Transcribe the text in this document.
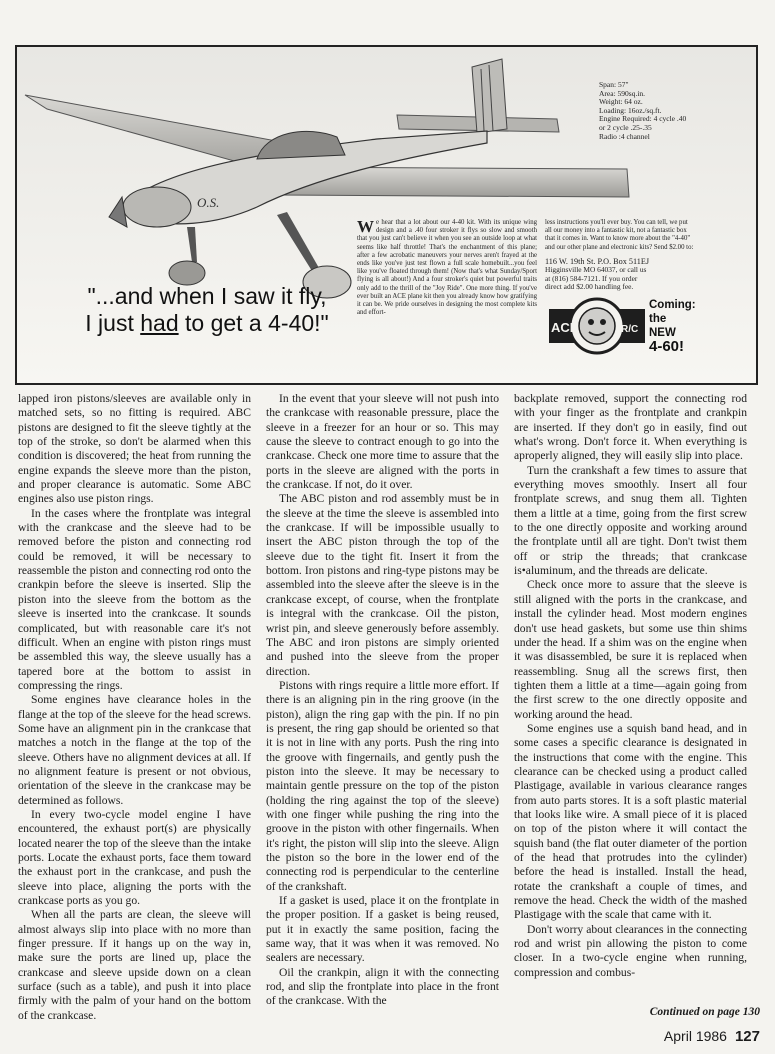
O.S.
Span: 57"
Area: 590sq.in.
Weight: 64 oz.
Loading: 16oz./sq.ft.
Engine Required: 4 cycle .40
or 2 cycle .25-.35
Radio :4 channel
We hear that a lot about our 4-40 kit. With its unique wing design and a .40 four stroker it flys so slow and smooth that you just can't believe it when you see an outside loop at what seems like half throttle! That's the enchantment of this plane; after a few acrobatic maneuvers your nerves aren't frayed at the ends like you've just test flown a full scale homebuilt...you feel like you've floated through them! (Now that's what Sunday/Sport flying is all about!) And a four stroker's quiet but powerful traits only add to the thrill of the "Joy Ride". One more thing. If you've ever built an ACE plane kit then you already know how gratifying it can be. We pride ourselves in designing the most complete kits and effort-
less instructions you'll ever buy. You can tell, we put all our money into a fantastic kit, not a fantastic box that it comes in. Want to know more about the "4-40" and our other plane and electronic kits? Send $2.00 to:
116 W. 19th St. P.O. Box 511EJ
Higginsville MO 64037, or call us
at (816) 584-7121. If you order
direct add $2.00 handling fee.
ACE	R/C
Coming:
the
NEW
4-60!
"...and when I saw it fly,
I just had to get a 4-40!"

lapped iron pistons/sleeves are available only in matched sets, so no fitting is required. ABC pistons are designed to fit the sleeve tightly at the top of the stroke, so don't be alarmed when this condition is discovered; the heat from running the engine expands the sleeve more than the piston, and proper clearance is automatic. Some ABC engines also use piston rings.

In the cases where the frontplate was integral with the crankcase and the sleeve had to be removed before the piston and connecting rod could be removed, it will be necessary to reassemble the piston and connecting rod onto the crankpin before the sleeve is inserted. Slip the piston into the sleeve from the bottom as the sleeve is inserted into the crankcase. It sounds complicated, but with reasonable care it's not difficult. When an engine with piston rings must be assembled this way, the sleeve usually has a tapered bore at the bottom to assist in compressing the rings.

Some engines have clearance holes in the flange at the top of the sleeve for the head screws. Some have an alignment pin in the crankcase that matches a notch in the flange at the top of the sleeve. Others have no alignment devices at all. If no alignment feature is present or not obvious, orientation of the sleeve in the crankcase may be determined as follows.

In every two-cycle model engine I have encountered, the exhaust port(s) are physically located nearer the top of the sleeve than the intake ports. Locate the exhaust ports, face them toward the exhaust port in the crankcase, and push the sleeve into place, aligning the ports with the crankcase ports as you go.

When all the parts are clean, the sleeve will almost always slip into place with no more than finger pressure. If it hangs up on the way in, make sure the ports are lined up, place the crankcase and sleeve upside down on a clean surface (such as a table), and push it into place firmly with the palm of your hand on the bottom of the crankcase.

In the event that your sleeve will not push into the crankcase with reasonable pressure, place the sleeve in a freezer for an hour or so. This may cause the sleeve to contract enough to go into the crankcase. Check one more time to assure that the ports in the sleeve are aligned with the ports in the crankcase. If not, do it over.

The ABC piston and rod assembly must be in the sleeve at the time the sleeve is assembled into the crankcase. If will be impossible usually to insert the ABC piston through the top of the sleeve due to the tight fit. Insert it from the bottom. Iron pistons and ring-type pistons may be assembled into the sleeve after the sleeve is in the crankcase except, of course, when the frontplate is integral with the crankcase. Oil the piston, wrist pin, and sleeve generously before assembly. The ABC and iron pistons are simply oriented and pushed into the sleeve from the proper direction.

Pistons with rings require a little more effort. If there is an aligning pin in the ring groove (in the piston), align the ring gap with the pin. If no pin is present, the ring gap should be oriented so that it is not in line with any ports. Push the ring into the groove with fingernails, and gently push the piston into the sleeve. It may be necessary to maintain gentle pressure on the top of the piston (holding the ring against the top of the sleeve) with one finger while pushing the ring into the groove in the piston with other fingernails. When it's right, the piston will slip into the sleeve. Align the piston so the bore in the lower end of the connecting rod is perpendicular to the centerline of the crankshaft.

If a gasket is used, place it on the frontplate in the proper position. If a gasket is being reused, put it in exactly the same position, facing the same way, that it was when it was removed. No sealers are necessary.

Oil the crankpin, align it with the connecting rod, and slip the frontplate into place in the front of the crankcase. With the

backplate removed, support the connecting rod with your finger as the frontplate and crankpin are inserted. If they don't go in easily, find out what's wrong. Don't force it. When everything is aproperly aligned, they will easily slip into place.

Turn the crankshaft a few times to assure that everything moves smoothly. Insert all four frontplate screws, and snug them all. Tighten them a little at a time, going from the first screw to the one directly opposite and working around the frontplate until all are tight. Don't twist them off or strip the threads; that crankcase is•aluminum, and the threads are delicate.

Check once more to assure that the sleeve is still aligned with the ports in the crankcase, and install the cylinder head. Most modern engines don't use head gaskets, but some use thin shims under the head. If a shim was on the engine when it was disassembled, be sure it is replaced when reassembling. Snug all the screws first, then tighten them a little at a time—again going from the first screw to the one directly opposite and working around the head.

Some engines use a squish band head, and in some cases a specific clearance is designated in the instructions that come with the engine. This clearance can be checked using a product called Plastigage, available in various clearance ranges from auto parts stores. It is a soft plastic material that looks like wire. A small piece of it is placed on top of the piston where it will contact the squish band (the flat outer diameter of the portion of the head that protrudes into the cylinder) before the head is installed. Install the head, rotate the crankshaft a couple of times, and remove the head. Check the width of the mashed Plastigage with the scale that came with it.

Don't worry about clearances in the connecting rod and wrist pin allowing the piston to come closer. In a two-cycle engine when running, compression and combus-

Continued on page 130
April 1986 127
